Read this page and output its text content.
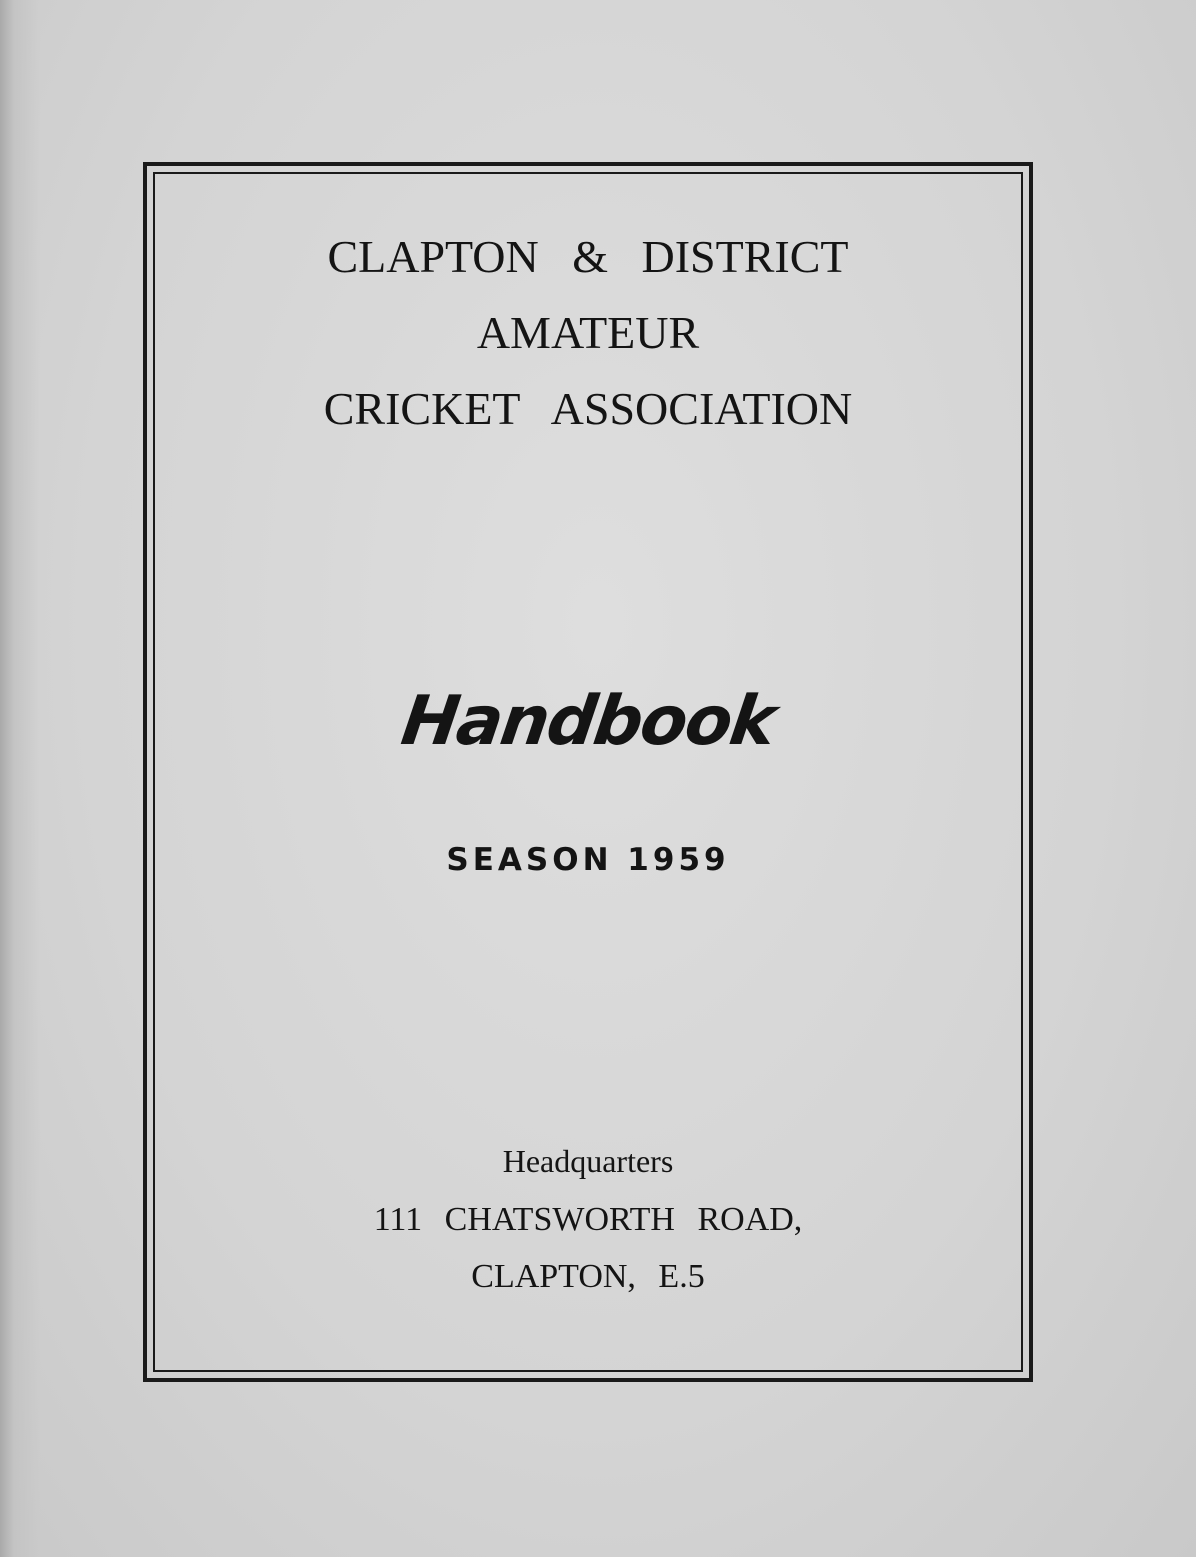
CLAPTON & DISTRICT
AMATEUR
CRICKET ASSOCIATION
Handbook
SEASON 1959
Headquarters
111 CHATSWORTH ROAD,
CLAPTON, E.5
